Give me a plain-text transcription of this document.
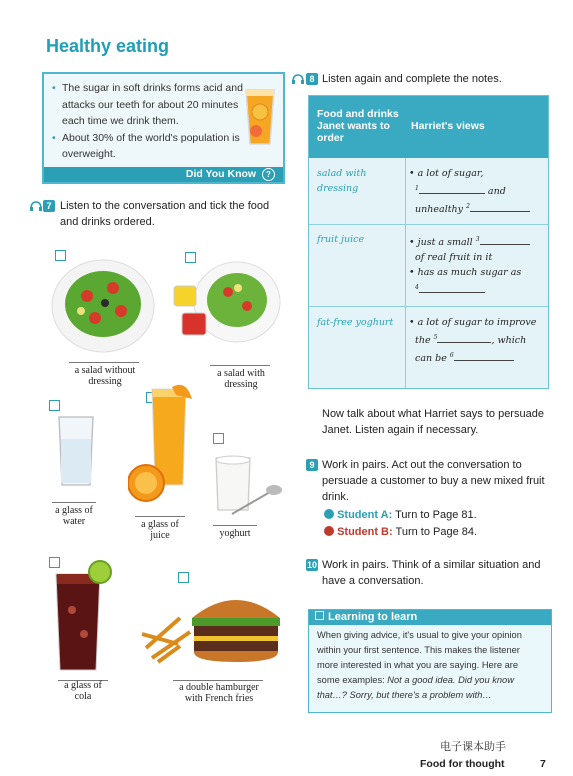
Healthy eating
• The sugar in soft drinks forms acid and attacks our teeth for about 20 minutes each time we drink them.
• About 30% of the world's population is overweight.
Did You Know ?
7 Listen to the conversation and tick the food and drinks ordered.
a salad without
dressing
a salad with
dressing
a glass of
water	a glass of
juice	yoghurt
a glass of
cola
a double hamburger
with French fries
8 Listen again and complete the notes.
Food and drinks Janet wants to order
Harriet's views
salad with dressing
• a lot of sugar,
$^1$	and
unhealthy $^2$
fruit juice	• just a small $^3$
of real fruit in it
• has as much sugar as
$^4$
fat-free yoghurt	• a lot of sugar to improve
the $^5$	, which
can be $^6$
Now talk about what Harriet says to persuade Janet. Listen again if necessary.
9 Work in pairs. Act out the conversation to persuade a customer to buy a new mixed fruit drink.
Student A: Turn to Page 81.
Student B: Turn to Page 84.
10 Work in pairs. Think of a similar situation and have a conversation.
Learning to learn

When giving advice, it's usual to give your opinion within your first sentence. This makes the listener more interested in what you are saying. Here are some examples: Not a good idea. Did you know that…? Sorry, but there's a problem with…

电子课本助手
Food for thought	7
